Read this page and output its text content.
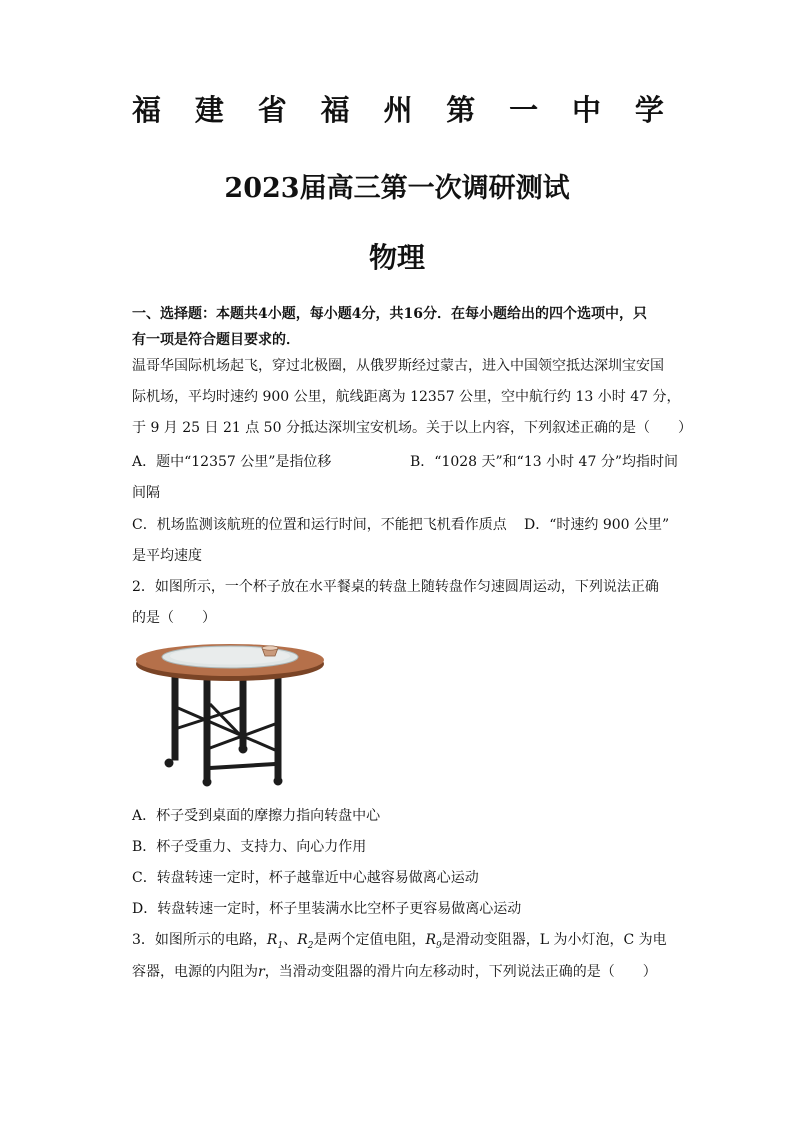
福 建 省 福 州 第 一 中 学
2023届高三第一次调研测试
物理
一、选择题：本题共4小题，每小题4分，共16分．在每小题给出的四个选项中，只
有一项是符合题目要求的．
温哥华国际机场起飞，穿过北极圈，从俄罗斯经过蒙古，进入中国领空抵达深圳宝安国
际机场，平均时速约 900 公里，航线距离为 12357 公里，空中航行约 13 小时 47 分，
于 9 月 25 日 21 点 50 分抵达深圳宝安机场。关于以上内容，下列叙述正确的是（　　）
A．题中“12357 公里”是指位移	B．“1028 天”和“13 小时 47 分”均指时间
间隔
C．机场监测该航班的位置和运行时间，不能把飞机看作质点 D．“时速约 900 公里”
是平均速度
2．如图所示，一个杯子放在水平餐桌的转盘上随转盘作匀速圆周运动，下列说法正确
的是（　　）
A．杯子受到桌面的摩擦力指向转盘中心
B．杯子受重力、支持力、向心力作用
C．转盘转速一定时，杯子越靠近中心越容易做离心运动
D．转盘转速一定时，杯子里装满水比空杯子更容易做离心运动
3．如图所示的电路，$R_1$、$R_2$是两个定值电阻，$R_9$是滑动变阻器，L 为小灯泡，C 为电
容器，电源的内阻为r，当滑动变阻器的滑片向左移动时，下列说法正确的是（　　）
